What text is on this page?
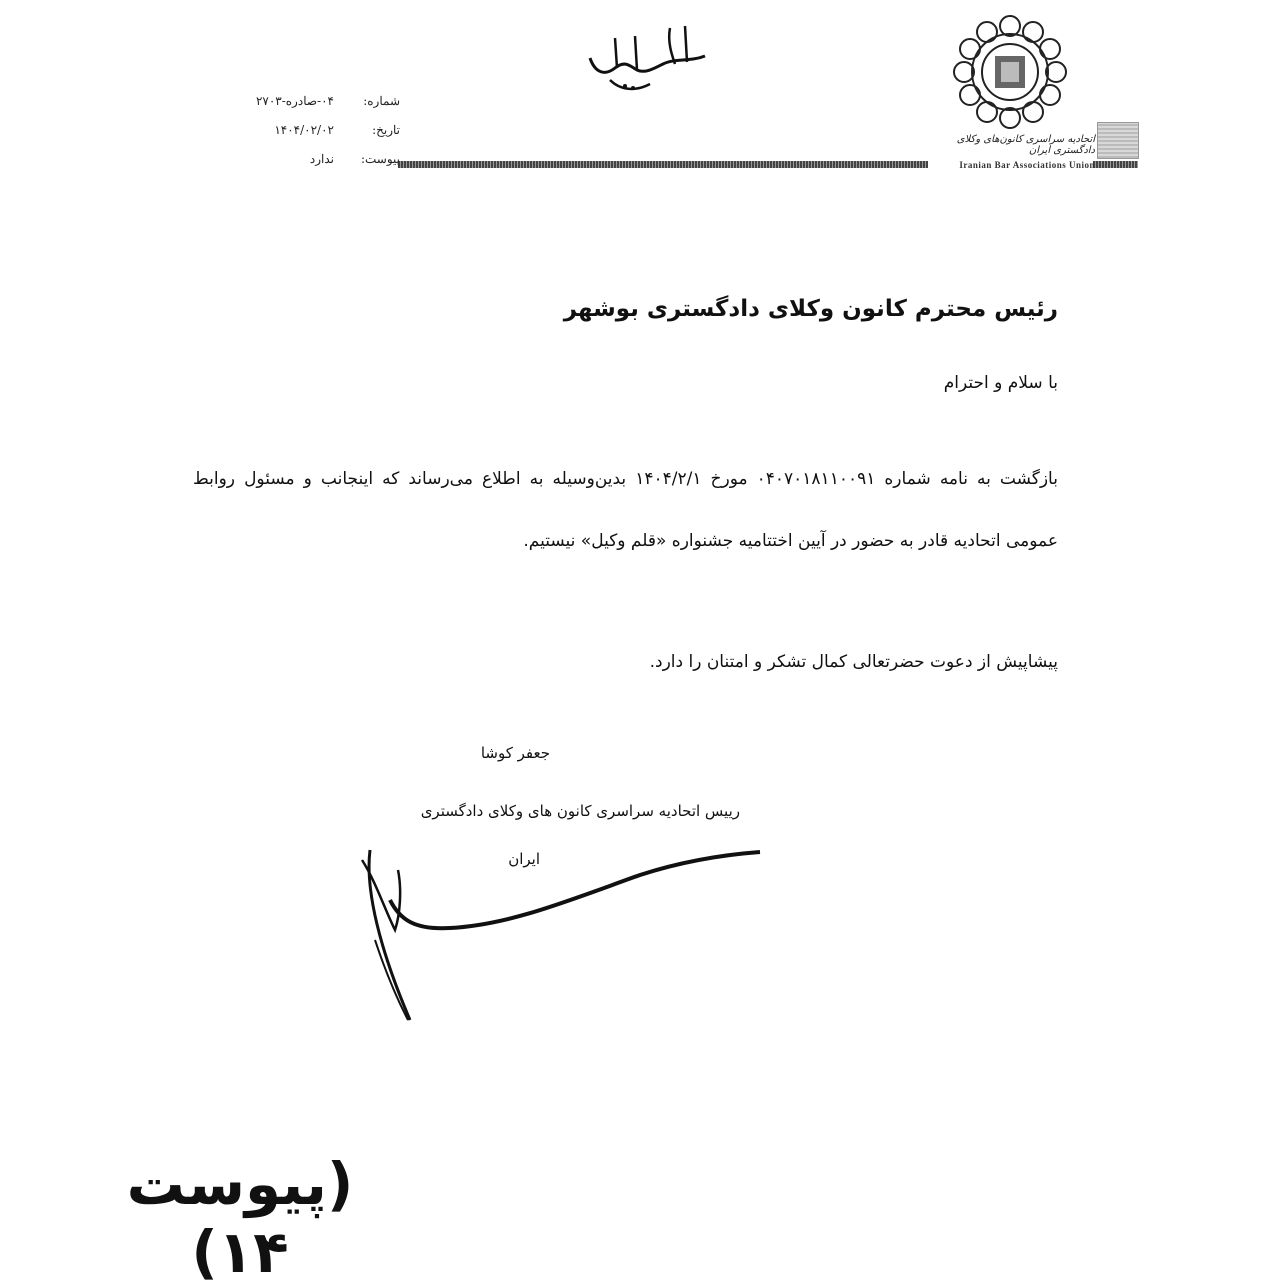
اتحادیه سراسری کانون‌های وکلای دادگستری ایران
Iranian Bar Associations Union
شماره:
۰۴-صادره-۲۷۰۳
تاریخ:
۱۴۰۴/۰۲/۰۲
پیوست:
ندارد
رئیس محترم کانون وکلای دادگستری بوشهر
با سلام و احترام
بازگشت به نامه شماره ۰۴۰۷۰۱۸۱۱۰۰۹۱ مورخ ۱۴۰۴/۲/۱ بدین‌وسیله به اطلاع می‌رساند که اینجانب و مسئول روابط عمومی اتحادیه قادر به حضور در آیین اختتامیه جشنواره «قلم وکیل» نیستیم.
پیشاپیش از دعوت حضرتعالی کمال تشکر و امتنان را دارد.
جعفر کوشا
رییس اتحادیه سراسری کانون های وکلای دادگستری
ایران
(پیوست ۱۴)
